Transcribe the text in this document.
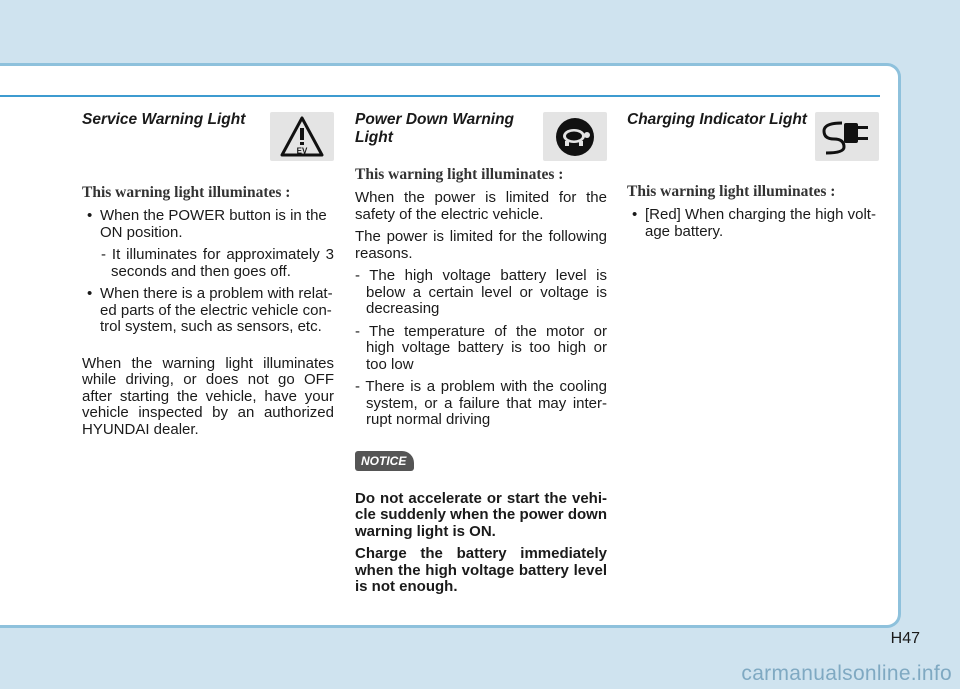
Service Warning Light
EV
This warning light illuminates :
• When the POWER button is in the ON position.
- It illuminates for approximately 3 seconds and then goes off.
• When there is a problem with relat-ed parts of the electric vehicle con-trol system, such as sensors, etc.

When the warning light illuminates while driving, or does not go OFF after starting the vehicle, have your vehicle inspected by an authorized HYUNDAI dealer.

Power Down Warning Light
This warning light illuminates :

When the power is limited for the safety of the electric vehicle.

The power is limited for the following reasons.

- The high voltage battery level is below a certain level or voltage is decreasing
- The temperature of the motor or high voltage battery is too high or too low
- There is a problem with the cooling system, or a failure that may inter-rupt normal driving
NOTICE

Do not accelerate or start the vehi-cle suddenly when the power down warning light is ON.

Charge the battery immediately when the high voltage battery level is not enough.

Charging Indicator Light
This warning light illuminates :
• [Red] When charging the high volt-age battery.
H47
carmanualsonline.info
